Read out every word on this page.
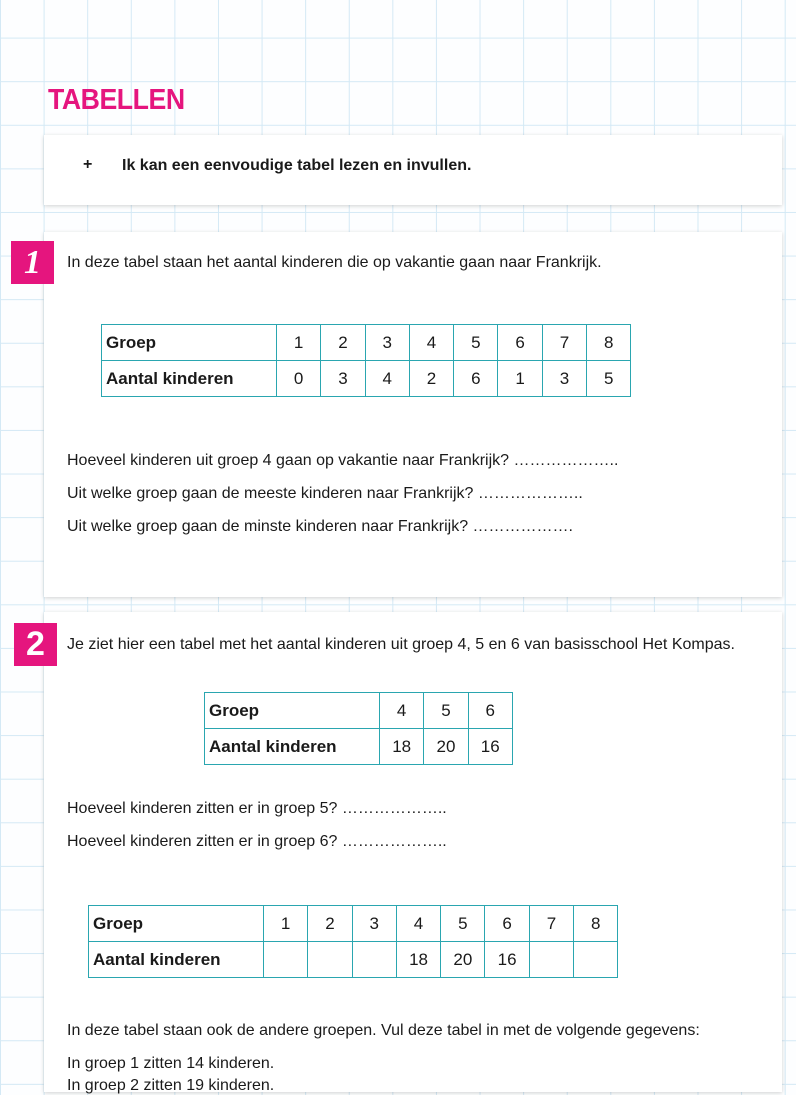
TABELLEN
+ Ik kan een eenvoudige tabel lezen en invullen.
1	In deze tabel staan het aantal kinderen die op vakantie gaan naar Frankrijk.
Groep	1	2	3	4	5	6	7	8
Aantal kinderen	0	3	4	2	6	1	3	5
Hoeveel kinderen uit groep 4 gaan op vakantie naar Frankrijk? ………………..
Uit welke groep gaan de meeste kinderen naar Frankrijk? ………………..
Uit welke groep gaan de minste kinderen naar Frankrijk? ……………….
2	Je ziet hier een tabel met het aantal kinderen uit groep 4, 5 en 6 van basisschool Het Kompas.
Groep	4	5	6
Aantal kinderen	18	20	16
Hoeveel kinderen zitten er in groep 5? ………………..
Hoeveel kinderen zitten er in groep 6? ………………..
Groep	1	2	3	4	5	6	7	8
Aantal kinderen				18	20	16		
In deze tabel staan ook de andere groepen. Vul deze tabel in met de volgende gegevens:
In groep 1 zitten 14 kinderen.
In groep 2 zitten 19 kinderen.
